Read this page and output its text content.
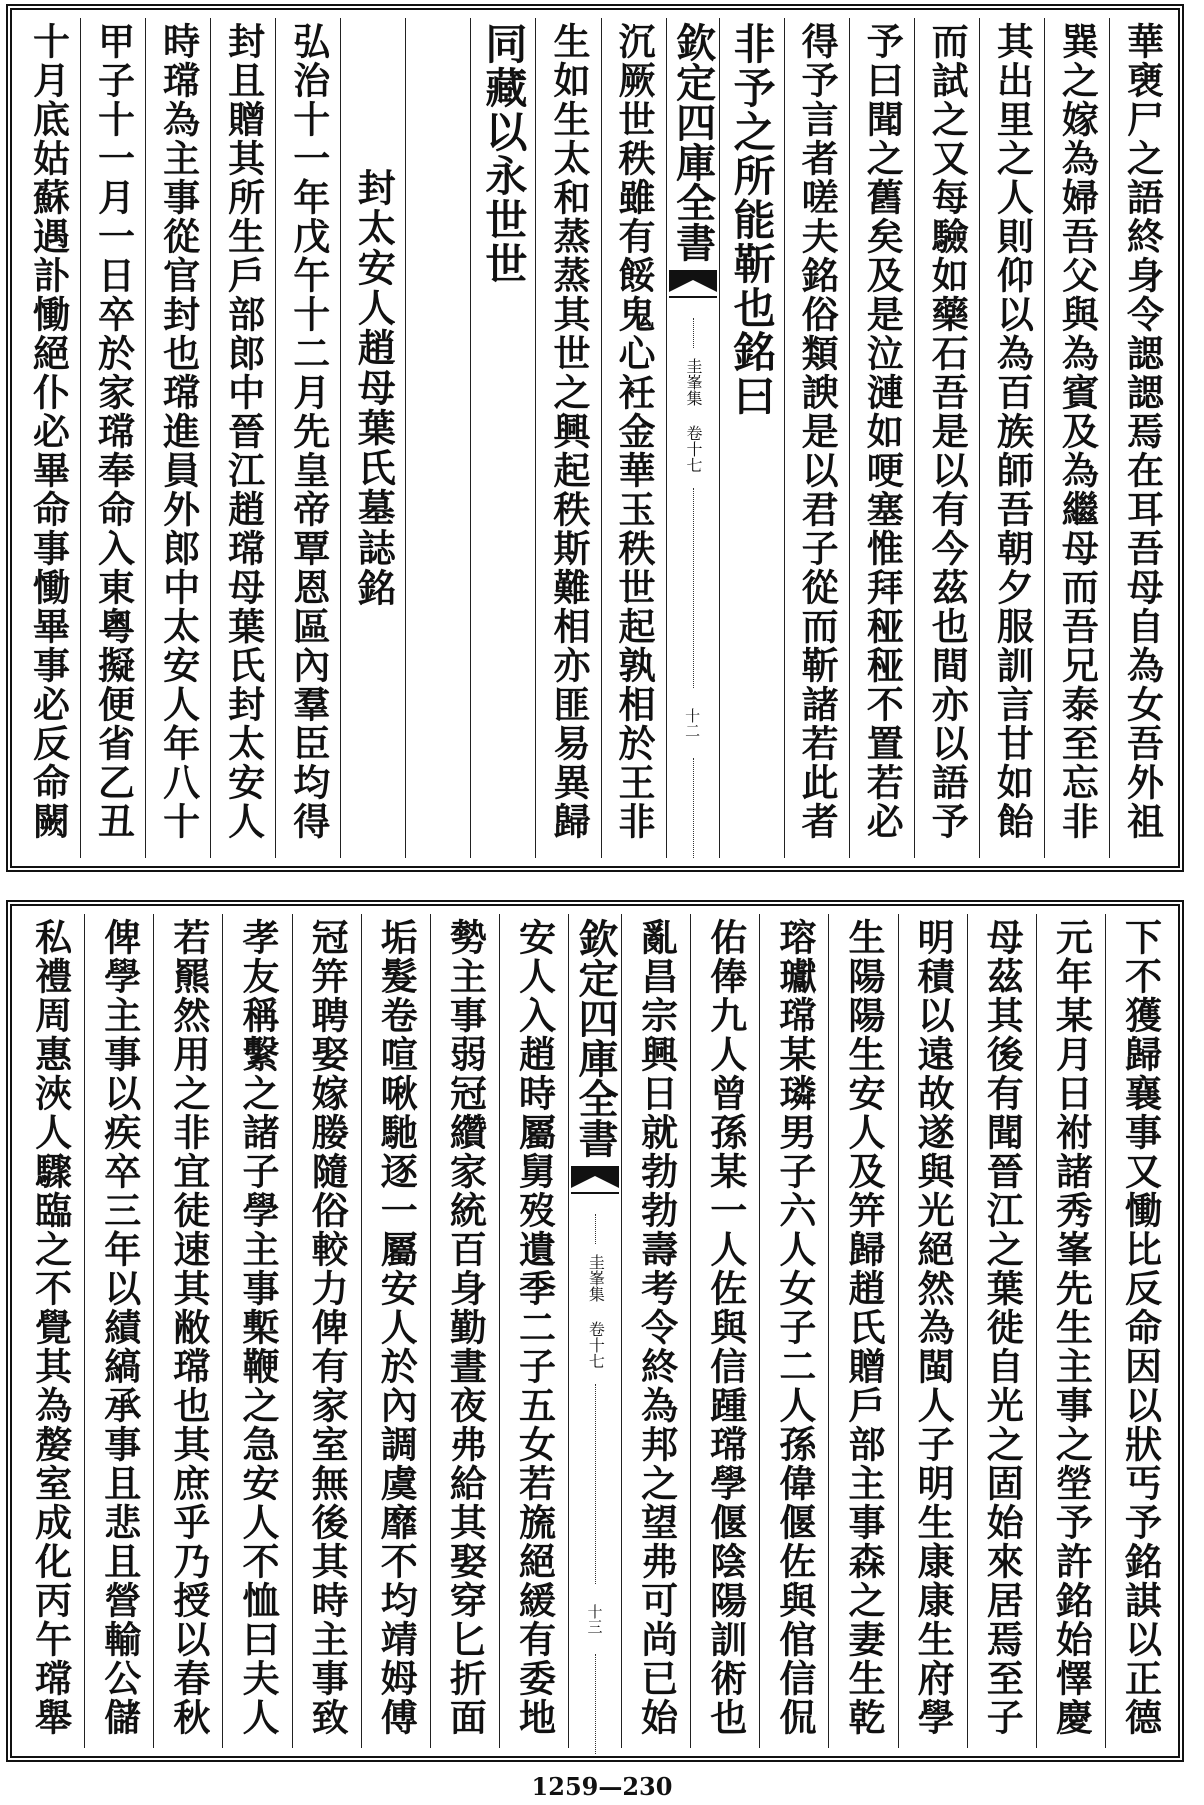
華褏尸之語終身令諰諰焉在耳吾母自為女吾外祖
巽之嫁為婦吾父與為賓及為繼母而吾兄泰至忘非
其出里之人則仰以為百族師吾朝夕服訓言甘如飴
而試之又每驗如藥石吾是以有今茲也間亦以語予
予曰聞之舊矣及是泣漣如哽塞惟拜䅉䅉不置若必
得予言者嗟夫銘俗類諛是以君子從而靳諸若此者
非予之所能靳也銘曰
欽定四庫全書
圭峯集 卷十七
十二
沉厥世秩雖有餒鬼心衽金華玉秩世起孰相於王非
生如生太和蒸蒸其世之興起秩斯難相亦匪易異歸
同藏以永世世
封太安人趙母葉氏墓誌銘
弘治十一年戊午十二月先皇帝覃恩區內羣臣均得
封且贈其所生戶部郎中晉江趙瑺母葉氏封太安人
時瑺為主事從官封也瑺進員外郎中太安人年八十
甲子十一月一日卒於家瑺奉命入東粵擬便省乙丑
十月底姑蘇遇訃慟絕仆必畢命事慟畢事必反命闕
下不獲歸襄事又慟比反命因以狀丐予銘諆以正德
元年某月日祔諸秀峯先生主事之塋予許銘始懌慶
母茲其後有聞晉江之葉徙自光之固始來居焉至子
明積以遠故遂與光絕然為閩人子明生康康生府學
生陽陽生安人及笄歸趙氏贈戶部主事森之妻生乾
瑢瓛瑺某璘男子六人女子二人孫偉偃佐與倌信侃
佑俸九人曾孫某一人佐與信踵瑺學偃陰陽訓術也
亂昌宗興日就勃勃壽考令終為邦之望弗可尚已始
欽定四庫全書
圭峯集 卷十七
十三
安人入趙時屬舅歿遺季二子五女若旒絕緩有委地
勢主事弱冠纘家統百身勤晝夜弗給其娶穿匕折面
垢髮卷喧啾馳逐一屬安人於內調虞靡不均靖姆傅
冠笄聘娶嫁媵隨俗較力俾有家室無後其時主事致
孝友稱繫之諸子學主事槧鞭之急安人不恤曰夫人
若羆然用之非宜徒速其敝瑺也其庶乎乃授以春秋
俾學主事以疾卒三年以績縞承事且悲且營輸公儲
私禮周惠浹人驟臨之不覺其為嫠室成化丙午瑺舉
1259—230
